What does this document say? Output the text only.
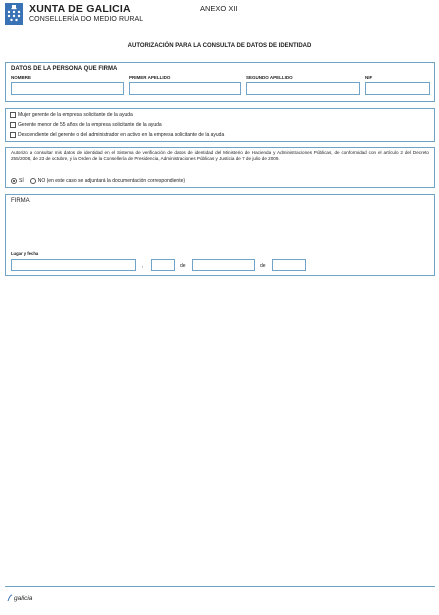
XUNTA DE GALICIA
CONSELLERÍA DO MEDIO RURAL
ANEXO XII
AUTORIZACIÓN PARA LA CONSULTA DE DATOS DE IDENTIDAD
DATOS DE LA PERSONA QUE FIRMA
NOMBRE	PRIMER APELLIDO	SEGUNDO APELLIDO	NIF
Mujer gerente de la empresa solicitante de la ayuda
Gerente menor de 55 años de la empresa solicitante de la ayuda
Descendiente del gerente o del administrador en activo en la empresa solicitante de la ayuda
Autorizo a consultar mis datos de identidad en el Sistema de verificación de datos de identidad del Ministerio de Hacienda y Administraciones Públicas, de conformidad con el artículo 2 del Decreto 255/2008, de 23 de octubre, y la Orden de la Consellería de Presidencia, Administraciones Públicas y Justicia de 7 de julio de 2009.
SÍ	NO (en este caso se adjuntará la documentación correspondiente)
FIRMA
Lugar y fecha
,	de	de
galicia
